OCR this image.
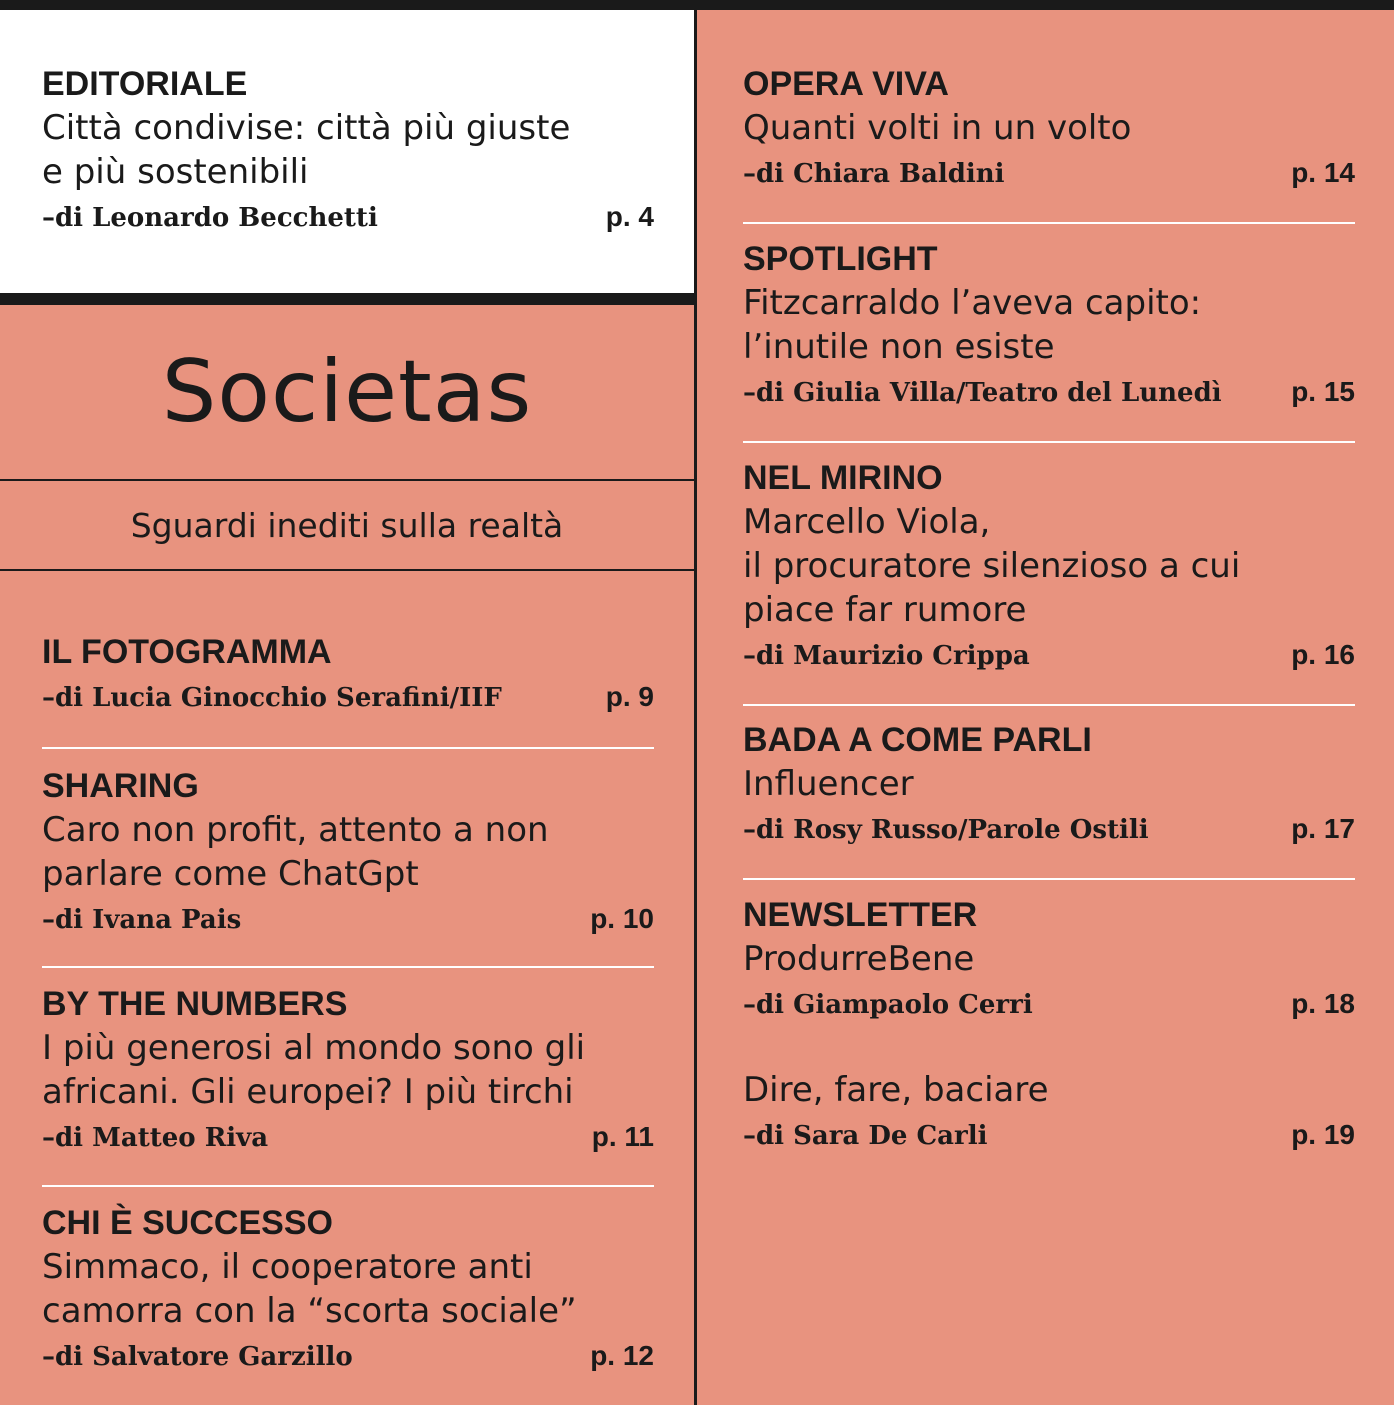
EDITORIALE
Città condivise: città più giuste
e più sostenibili
–di Leonardo Becchetti	p. 4
Societas
Sguardi inediti sulla realtà
IL FOTOGRAMMA
–di Lucia Ginocchio Serafini/IIF	p. 9
SHARING
Caro non profit, attento a non
parlare come ChatGpt
–di Ivana Pais	p. 10
BY THE NUMBERS
I più generosi al mondo sono gli
africani. Gli europei? I più tirchi
–di Matteo Riva	p. 11
CHI È SUCCESSO
Simmaco, il cooperatore anti
camorra con la “scorta sociale”
–di Salvatore Garzillo	p. 12
OPERA VIVA
Quanti volti in un volto
–di Chiara Baldini	p. 14
SPOTLIGHT
Fitzcarraldo l’aveva capito:
l’inutile non esiste
–di Giulia Villa/Teatro del Lunedì p. 15
NEL MIRINO
Marcello Viola,
il procuratore silenzioso a cui
piace far rumore
–di Maurizio Crippa	p. 16
BADA A COME PARLI
Influencer
–di Rosy Russo/Parole Ostili	p. 17
NEWSLETTER
ProdurreBene
–di Giampaolo Cerri	p. 18
Dire, fare, baciare
–di Sara De Carli	p. 19
